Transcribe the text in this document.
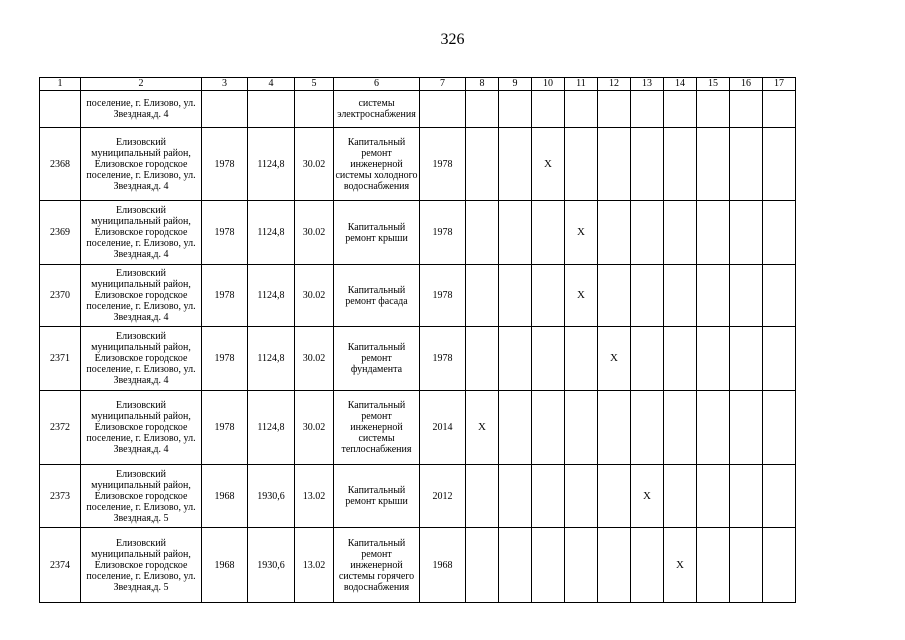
326
1	2	3	4	5	6	7	8	9	10	11	12	13	14	15	16	17
	поселение, г. Елизово, ул. Звездная,д. 4				системы электроснабжения											
2368	Елизовский муниципальный район, Елизовское городское поселение, г. Елизово, ул. Звездная,д. 4	1978	1124,8	30.02	Капитальный ремонт инженерной системы холодного водоснабжения	1978			X							
2369	Елизовский муниципальный район, Елизовское городское поселение, г. Елизово, ул. Звездная,д. 4	1978	1124,8	30.02	Капитальный ремонт крыши	1978				X						
2370	Елизовский муниципальный район, Елизовское городское поселение, г. Елизово, ул. Звездная,д. 4	1978	1124,8	30.02	Капитальный ремонт фасада	1978				X						
2371	Елизовский муниципальный район, Елизовское городское поселение, г. Елизово, ул. Звездная,д. 4	1978	1124,8	30.02	Капитальный ремонт фундамента	1978					X					
2372	Елизовский муниципальный район, Елизовское городское поселение, г. Елизово, ул. Звездная,д. 4	1978	1124,8	30.02	Капитальный ремонт инженерной системы теплоснабжения	2014	X									
2373	Елизовский муниципальный район, Елизовское городское поселение, г. Елизово, ул. Звездная,д. 5	1968	1930,6	13.02	Капитальный ремонт крыши	2012						X				
2374	Елизовский муниципальный район, Елизовское городское поселение, г. Елизово, ул. Звездная,д. 5	1968	1930,6	13.02	Капитальный ремонт инженерной системы горячего водоснабжения	1968							X			
